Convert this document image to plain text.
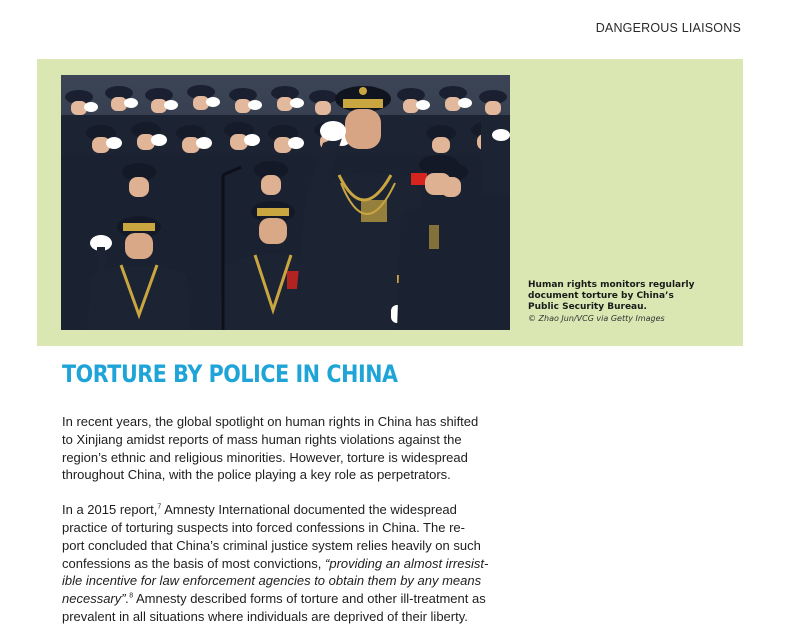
DANGEROUS LIAISONS
Human rights monitors regularly
document torture by China’s
Public Security Bureau.
© Zhao Jun/VCG via Getty Images
TORTURE BY POLICE IN CHINA

In recent years, the global spotlight on human rights in China has shifted
to Xinjiang amidst reports of mass human rights violations against the
region’s ethnic and religious minorities. However, torture is widespread
throughout China, with the police playing a key role as perpetrators.

In a 2015 report,$^7$ Amnesty International documented the widespread
practice of torturing suspects into forced confessions in China. The re-
port concluded that China’s criminal justice system relies heavily on such
confessions as the basis of most convictions, “providing an almost irresist-
ible incentive for law enforcement agencies to obtain them by any means
necessary”.$^8$ Amnesty described forms of torture and other ill-treatment as
prevalent in all situations where individuals are deprived of their liberty.
